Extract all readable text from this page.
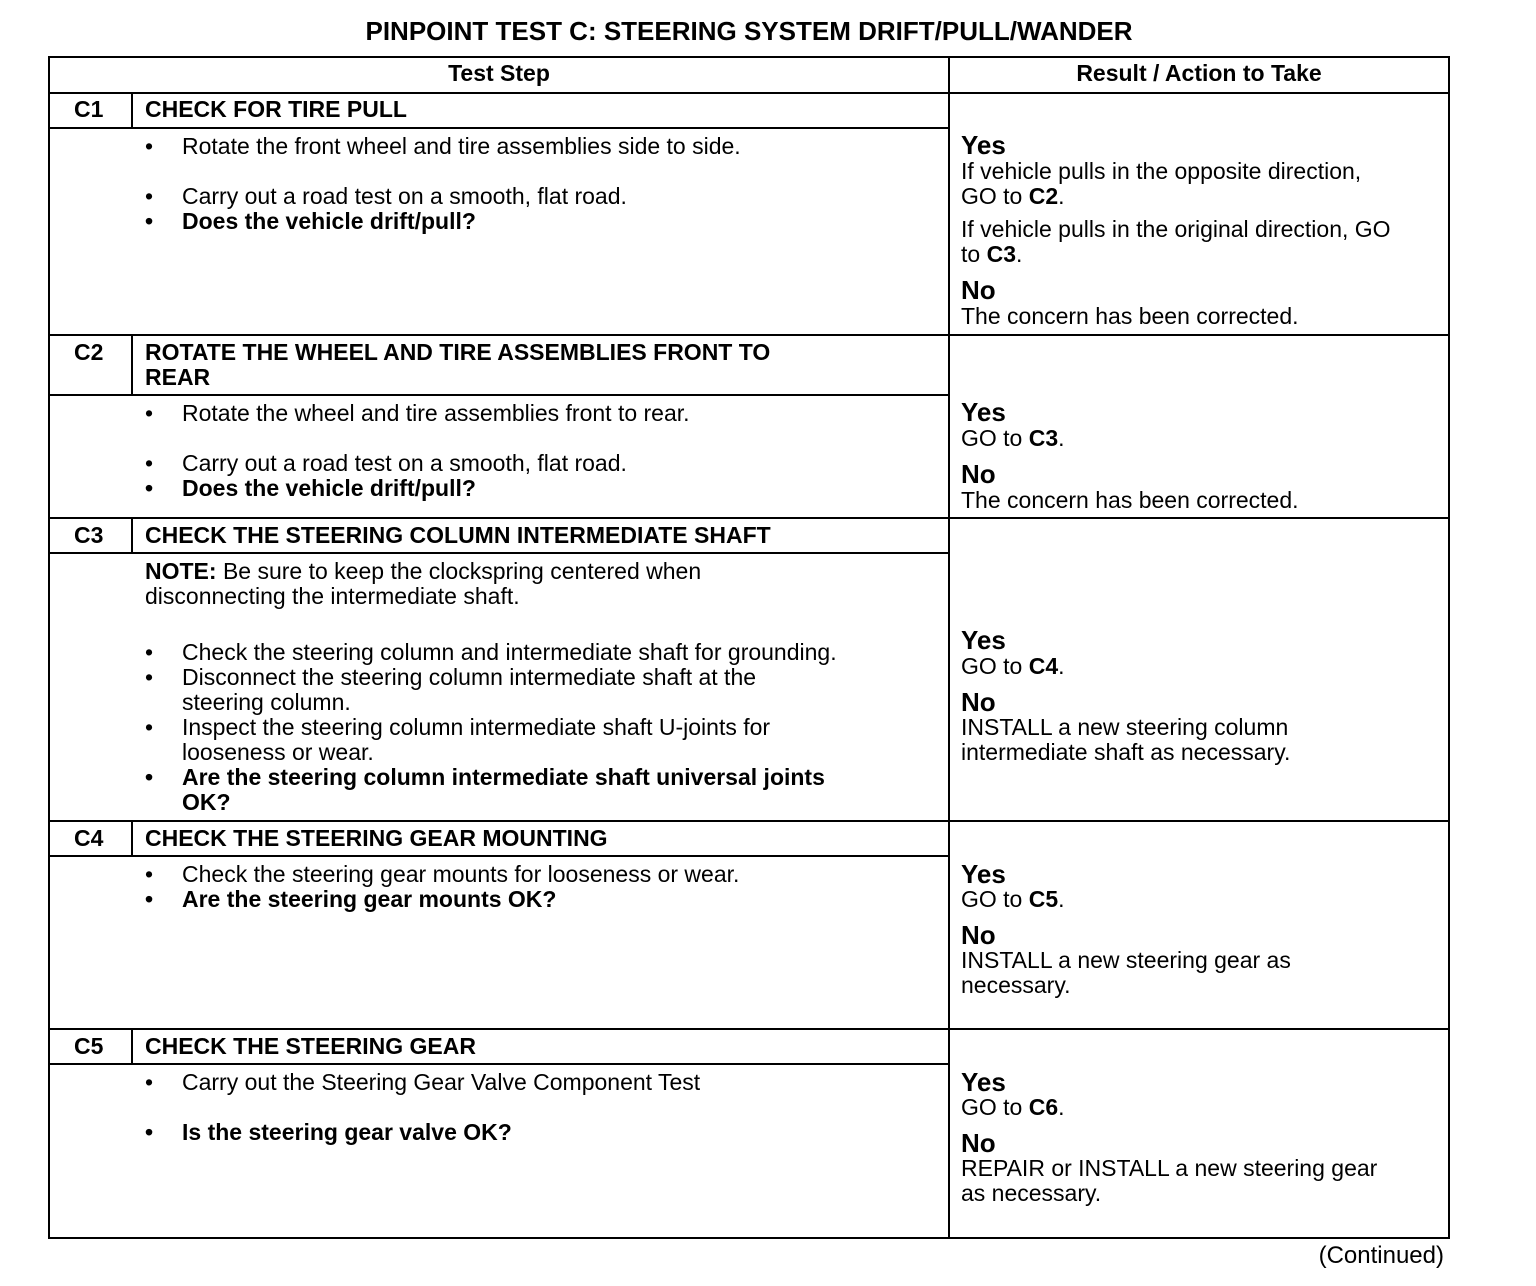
PINPOINT TEST C: STEERING SYSTEM DRIFT/PULL/WANDER
Test Step	Result / Action to Take
C1 CHECK FOR TIRE PULL
• Rotate the front wheel and tire assemblies side to side.
• Carry out a road test on a smooth, flat road.
• Does the vehicle drift/pull?
Yes
If vehicle pulls in the opposite direction,
GO to C2.
If vehicle pulls in the original direction, GO
to C3.
No
The concern has been corrected.
C2 ROTATE THE WHEEL AND TIRE ASSEMBLIES FRONT TO
REAR
• Rotate the wheel and tire assemblies front to rear.
• Carry out a road test on a smooth, flat road.
• Does the vehicle drift/pull?
Yes
GO to C3.
No
The concern has been corrected.
C3 CHECK THE STEERING COLUMN INTERMEDIATE SHAFT
NOTE: Be sure to keep the clockspring centered when
disconnecting the intermediate shaft.
• Check the steering column and intermediate shaft for grounding.
• Disconnect the steering column intermediate shaft at the
steering column.
• Inspect the steering column intermediate shaft U-joints for
looseness or wear.
• Are the steering column intermediate shaft universal joints
OK?
Yes
GO to C4.
No
INSTALL a new steering column
intermediate shaft as necessary.
C4 CHECK THE STEERING GEAR MOUNTING
• Check the steering gear mounts for looseness or wear.
• Are the steering gear mounts OK?
Yes
GO to C5.
No
INSTALL a new steering gear as
necessary.
C5 CHECK THE STEERING GEAR
• Carry out the Steering Gear Valve Component Test
• Is the steering gear valve OK?
Yes
GO to C6.
No
REPAIR or INSTALL a new steering gear
as necessary.
(Continued)
